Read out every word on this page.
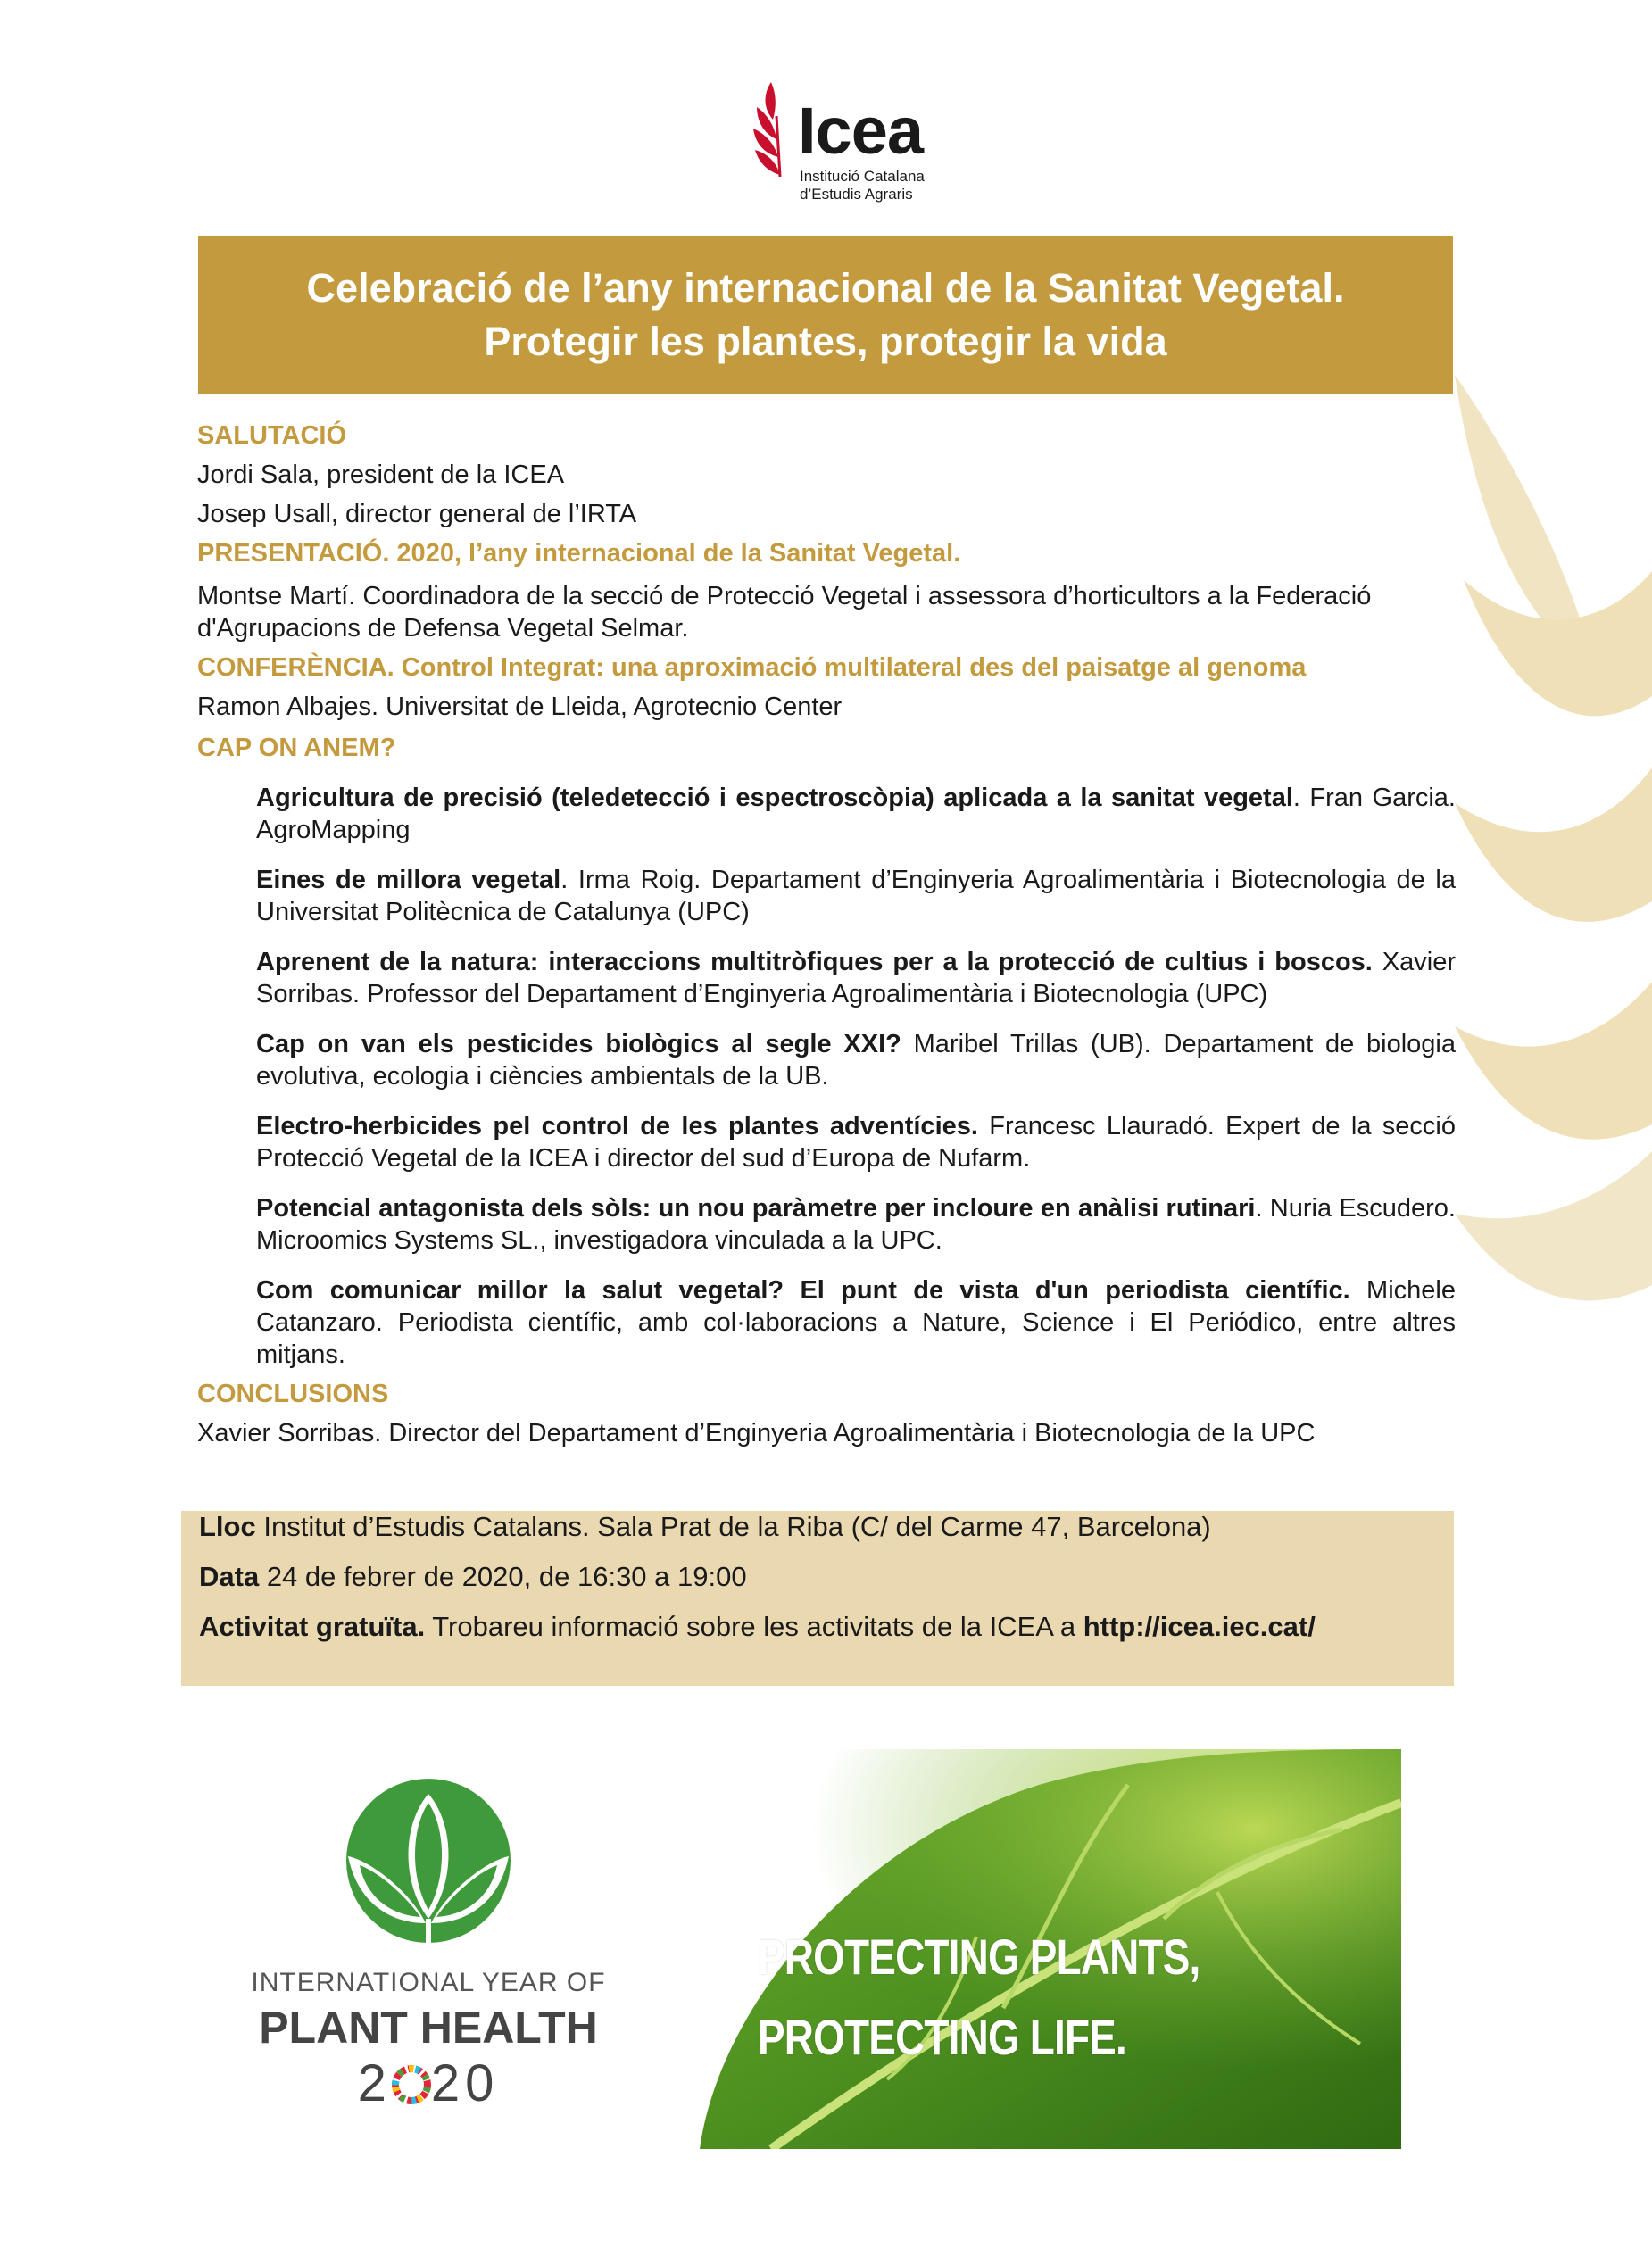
Icea
Institució Catalana
d’Estudis Agraris
Celebració de l’any internacional de la Sanitat Vegetal.
Protegir les plantes, protegir la vida
SALUTACIÓ
Jordi Sala, president de la ICEA
Josep Usall, director general de l’IRTA
PRESENTACIÓ. 2020, l’any internacional de la Sanitat Vegetal.
Montse Martí. Coordinadora de la secció de Protecció Vegetal i assessora d’horticultors a la Federació d'Agrupacions de Defensa Vegetal Selmar.
CONFERÈNCIA. Control Integrat: una aproximació multilateral des del paisatge al genoma
Ramon Albajes. Universitat de Lleida, Agrotecnio Center
CAP ON ANEM?
Agricultura de precisió (teledetecció i espectroscòpia) aplicada a la sanitat vegetal. Fran Garcia. AgroMapping
Eines de millora vegetal. Irma Roig. Departament d’Enginyeria Agroalimentària i Biotecnologia de la Universitat Politècnica de Catalunya (UPC)
Aprenent de la natura: interaccions multitròfiques per a la protecció de cultius i boscos. Xavier Sorribas. Professor del Departament d’Enginyeria Agroalimentària i Biotecnologia (UPC)
Cap on van els pesticides biològics al segle XXI? Maribel Trillas (UB). Departament de biologia evolutiva, ecologia i ciències ambientals de la UB.
Electro-herbicides pel control de les plantes adventícies. Francesc Llauradó. Expert de la secció Protecció Vegetal de la ICEA i director del sud d’Europa de Nufarm.
Potencial antagonista dels sòls: un nou paràmetre per incloure en anàlisi rutinari. Nuria Escudero. Microomics Systems SL., investigadora vinculada a la UPC.
Com comunicar millor la salut vegetal? El punt de vista d'un periodista científic. Michele Catanzaro. Periodista científic, amb col·laboracions a Nature, Science i El Periódico, entre altres mitjans.
CONCLUSIONS
Xavier Sorribas. Director del Departament d’Enginyeria Agroalimentària i Biotecnologia de la UPC
Lloc Institut d’Estudis Catalans. Sala Prat de la Riba (C/ del Carme 47, Barcelona)
Data 24 de febrer de 2020, de 16:30 a 19:00
Activitat gratuïta. Trobareu informació sobre les activitats de la ICEA a http://icea.iec.cat/
INTERNATIONAL YEAR OF
PLANT HEALTH
2 20
PROTECTING PLANTS,
PROTECTING LIFE.
